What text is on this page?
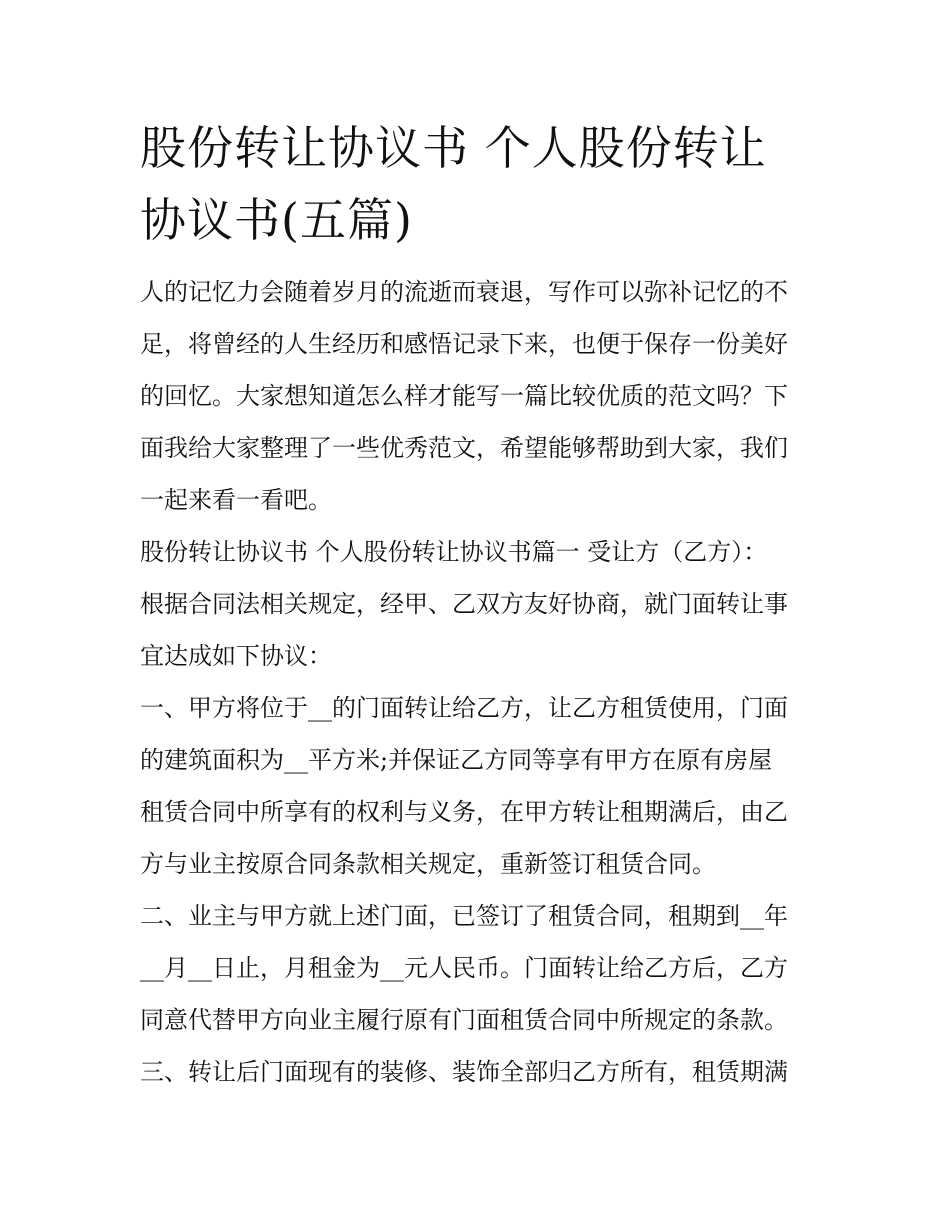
股份转让协议书 个人股份转让
协议书(五篇)

人的记忆力会随着岁月的流逝而衰退，写作可以弥补记忆的不
足，将曾经的人生经历和感悟记录下来，也便于保存一份美好
的回忆。大家想知道怎么样才能写一篇比较优质的范文吗？下
面我给大家整理了一些优秀范文，希望能够帮助到大家，我们
一起来看一看吧。

股份转让协议书 个人股份转让协议书篇一 受让方（乙方）：
根据合同法相关规定，经甲、乙双方友好协商，就门面转让事
宜达成如下协议：

一、甲方将位于__的门面转让给乙方，让乙方租赁使用，门面
的建筑面积为__平方米;并保证乙方同等享有甲方在原有房屋
租赁合同中所享有的权利与义务，在甲方转让租期满后，由乙
方与业主按原合同条款相关规定，重新签订租赁合同。

二、业主与甲方就上述门面，已签订了租赁合同，租期到__年
__月__日止，月租金为__元人民币。门面转让给乙方后，乙方
同意代替甲方向业主履行原有门面租赁合同中所规定的条款。

三、转让后门面现有的装修、装饰全部归乙方所有，租赁期满
